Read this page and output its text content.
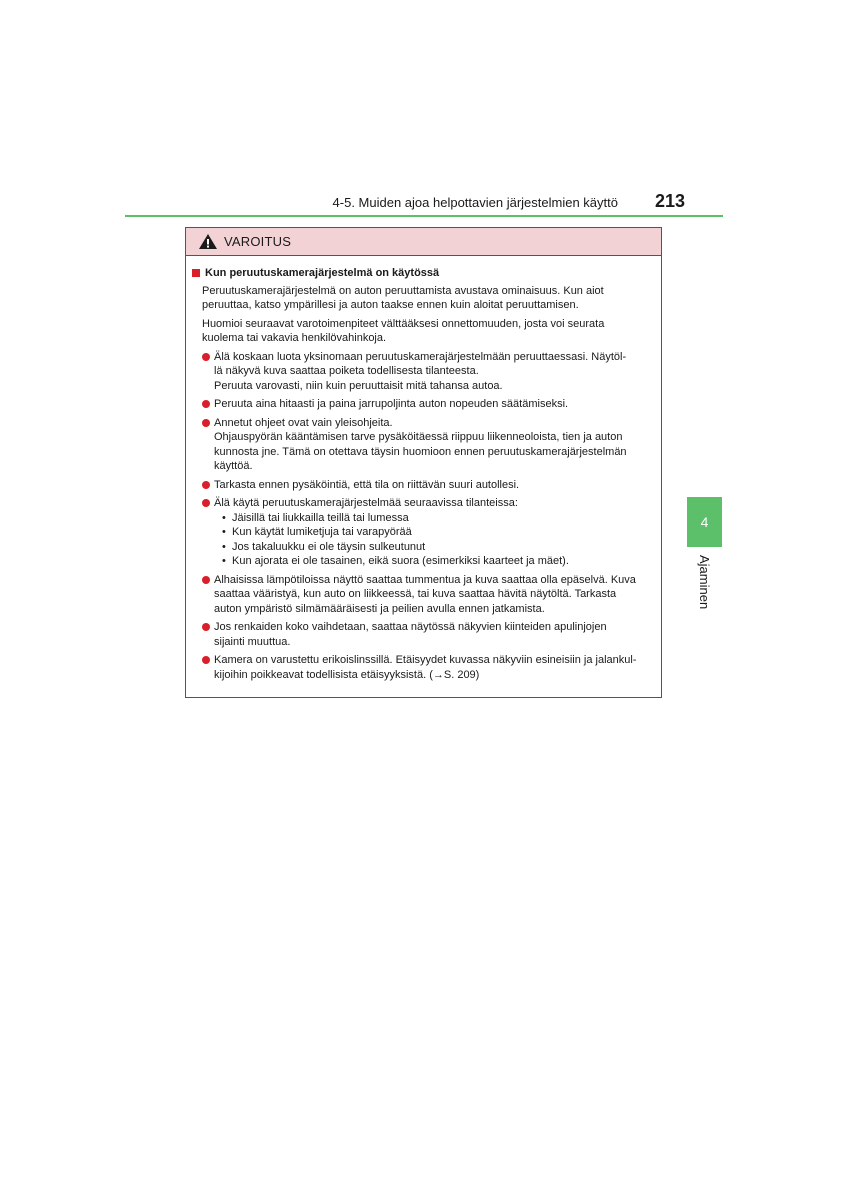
4-5. Muiden ajoa helpottavien järjestelmien käyttö 213
4
Ajaminen
VAROITUS
Kun peruutuskamerajärjestelmä on käytössä
Peruutuskamerajärjestelmä on auton peruuttamista avustava ominaisuus. Kun aiot
peruuttaa, katso ympärillesi ja auton taakse ennen kuin aloitat peruuttamisen.
Huomioi seuraavat varotoimenpiteet välttääksesi onnettomuuden, josta voi seurata
kuolema tai vakavia henkilövahinkoja.
Älä koskaan luota yksinomaan peruutuskamerajärjestelmään peruuttaessasi. Näytöl-
lä näkyvä kuva saattaa poiketa todellisesta tilanteesta.
Peruuta varovasti, niin kuin peruuttaisit mitä tahansa autoa.
Peruuta aina hitaasti ja paina jarrupoljinta auton nopeuden säätämiseksi.
Annetut ohjeet ovat vain yleisohjeita.
Ohjauspyörän kääntämisen tarve pysäköitäessä riippuu liikenneoloista, tien ja auton
kunnosta jne. Tämä on otettava täysin huomioon ennen peruutuskamerajärjestelmän
käyttöä.
Tarkasta ennen pysäköintiä, että tila on riittävän suuri autollesi.
Älä käytä peruutuskamerajärjestelmää seuraavissa tilanteissa:
• Jäisillä tai liukkailla teillä tai lumessa
• Kun käytät lumiketjuja tai varapyörää
• Jos takaluukku ei ole täysin sulkeutunut
• Kun ajorata ei ole tasainen, eikä suora (esimerkiksi kaarteet ja mäet).
Alhaisissa lämpötiloissa näyttö saattaa tummentua ja kuva saattaa olla epäselvä. Kuva
saattaa vääristyä, kun auto on liikkeessä, tai kuva saattaa hävitä näytöltä. Tarkasta
auton ympäristö silmämääräisesti ja peilien avulla ennen jatkamista.
Jos renkaiden koko vaihdetaan, saattaa näytössä näkyvien kiinteiden apulinjojen
sijainti muuttua.
Kamera on varustettu erikoislinssillä. Etäisyydet kuvassa näkyviin esineisiin ja jalankul-
kijoihin poikkeavat todellisista etäisyyksistä. (→S. 209)
